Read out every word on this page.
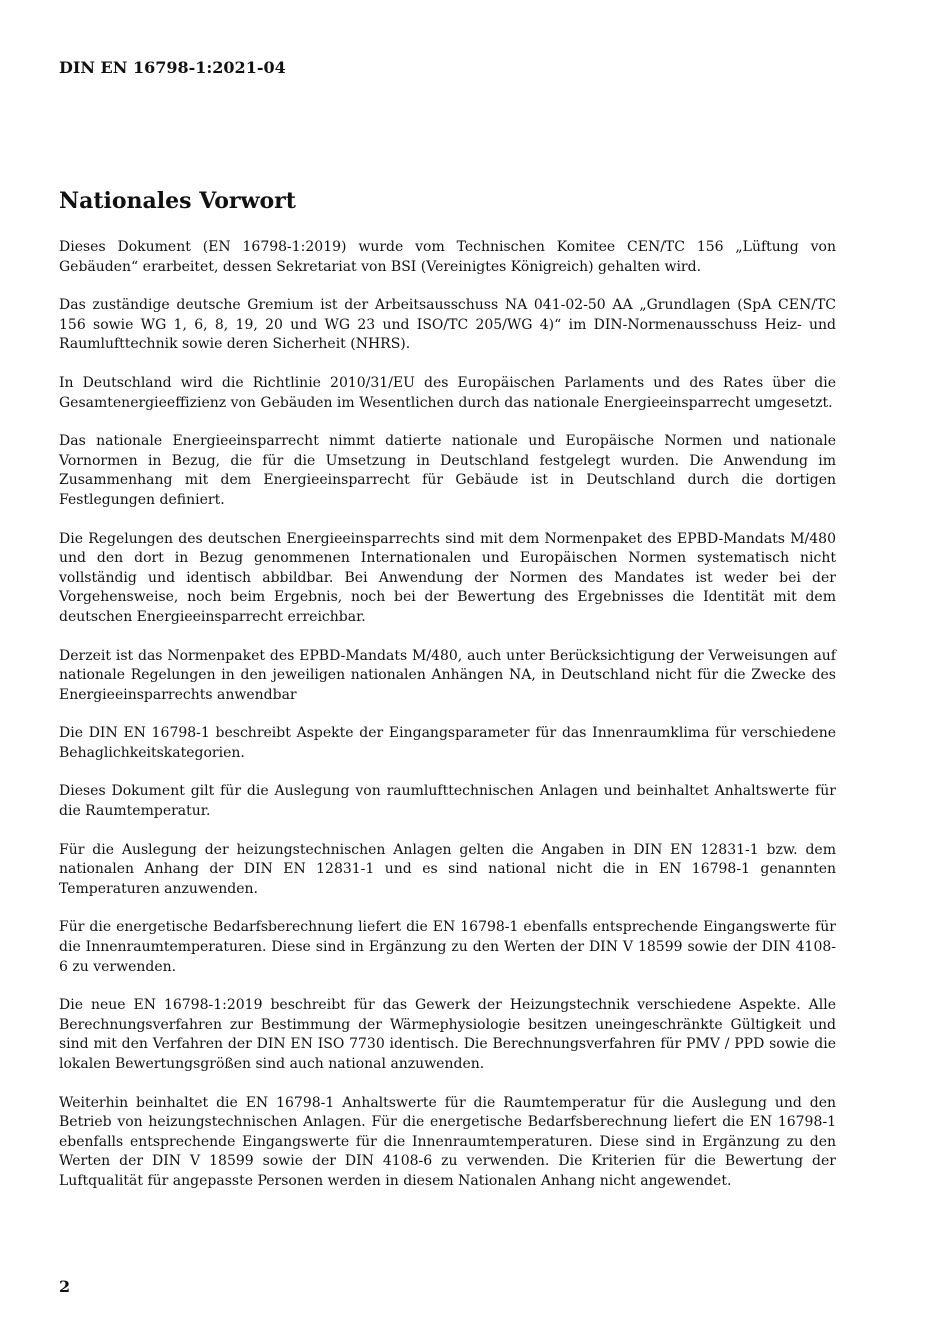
DIN EN 16798-1:2021-04

Nationales Vorwort

Dieses Dokument (EN 16798-1:2019) wurde vom Technischen Komitee CEN/TC 156 „Lüftung von Gebäuden“ erarbeitet, dessen Sekretariat von BSI (Vereinigtes Königreich) gehalten wird.

Das zuständige deutsche Gremium ist der Arbeitsausschuss NA 041-02-50 AA „Grundlagen (SpA CEN/TC 156 sowie WG 1, 6, 8, 19, 20 und WG 23 und ISO/TC 205/WG 4)“ im DIN-Normenausschuss Heiz- und Raumlufttechnik sowie deren Sicherheit (NHRS).

In Deutschland wird die Richtlinie 2010/31/EU des Europäischen Parlaments und des Rates über die Gesamtenergieeffizienz von Gebäuden im Wesentlichen durch das nationale Energieeinsparrecht umgesetzt.

Das nationale Energieeinsparrecht nimmt datierte nationale und Europäische Normen und nationale Vornormen in Bezug, die für die Umsetzung in Deutschland festgelegt wurden. Die Anwendung im Zusammenhang mit dem Energieeinsparrecht für Gebäude ist in Deutschland durch die dortigen Festlegungen definiert.

Die Regelungen des deutschen Energieeinsparrechts sind mit dem Normenpaket des EPBD-Mandats M/480 und den dort in Bezug genommenen Internationalen und Europäischen Normen systematisch nicht vollständig und identisch abbildbar. Bei Anwendung der Normen des Mandates ist weder bei der Vorgehensweise, noch beim Ergebnis, noch bei der Bewertung des Ergebnisses die Identität mit dem deutschen Energieeinsparrecht erreichbar.

Derzeit ist das Normenpaket des EPBD-Mandats M/480, auch unter Berücksichtigung der Verweisungen auf nationale Regelungen in den jeweiligen nationalen Anhängen NA, in Deutschland nicht für die Zwecke des Energieeinsparrechts anwendbar

Die DIN EN 16798-1 beschreibt Aspekte der Eingangsparameter für das Innenraumklima für verschiedene Behaglichkeitskategorien.

Dieses Dokument gilt für die Auslegung von raumlufttechnischen Anlagen und beinhaltet Anhaltswerte für die Raumtemperatur.

Für die Auslegung der heizungstechnischen Anlagen gelten die Angaben in DIN EN 12831-1 bzw. dem nationalen Anhang der DIN EN 12831-1 und es sind national nicht die in EN 16798-1 genannten Temperaturen anzuwenden.

Für die energetische Bedarfsberechnung liefert die EN 16798-1 ebenfalls entsprechende Eingangswerte für die Innenraumtemperaturen. Diese sind in Ergänzung zu den Werten der DIN V 18599 sowie der DIN 4108-6 zu verwenden.

Die neue EN 16798-1:2019 beschreibt für das Gewerk der Heizungstechnik verschiedene Aspekte. Alle Berechnungsverfahren zur Bestimmung der Wärmephysiologie besitzen uneingeschränkte Gültigkeit und sind mit den Verfahren der DIN EN ISO 7730 identisch. Die Berechnungsverfahren für PMV / PPD sowie die lokalen Bewertungsgrößen sind auch national anzuwenden.

Weiterhin beinhaltet die EN 16798-1 Anhaltswerte für die Raumtemperatur für die Auslegung und den Betrieb von heizungstechnischen Anlagen. Für die energetische Bedarfsberechnung liefert die EN 16798-1 ebenfalls entsprechende Eingangswerte für die Innenraumtemperaturen. Diese sind in Ergänzung zu den Werten der DIN V 18599 sowie der DIN 4108-6 zu verwenden. Die Kriterien für die Bewertung der Luftqualität für angepasste Personen werden in diesem Nationalen Anhang nicht angewendet.

2
